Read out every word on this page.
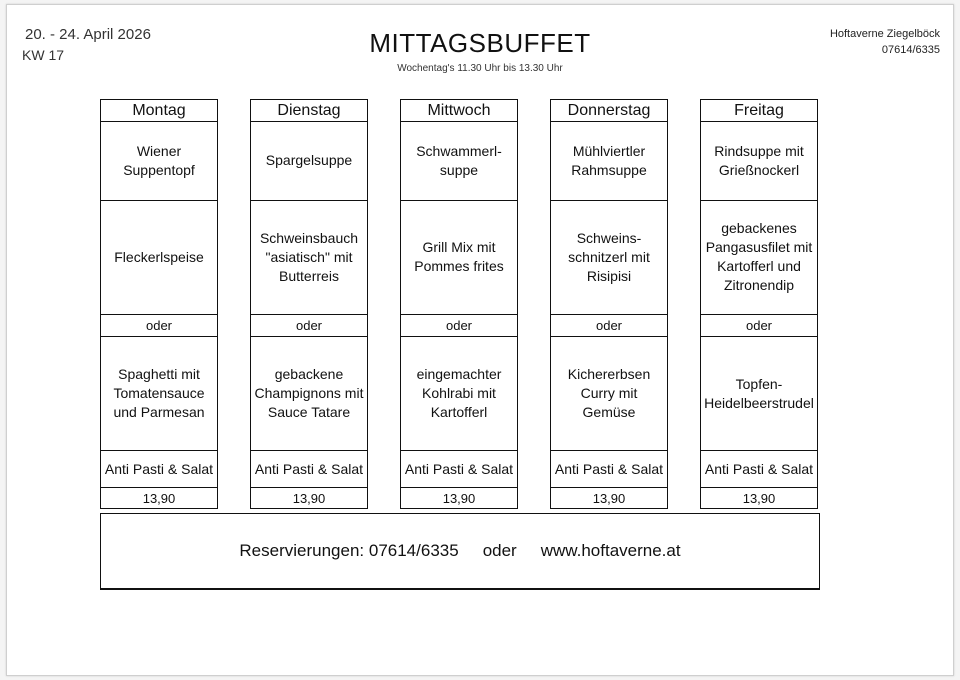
20. - 24. April 2026
KW 17	MITTAGSBUFFET
Wochentag's 11.30 Uhr bis 13.30 Uhr
Hoftaverne Ziegelböck
07614/6335
Montag
Wiener Suppentopf
Fleckerlspeise
oder
Spaghetti mit Tomatensauce und Parmesan
Anti Pasti & Salat
13,90
Dienstag
Spargelsuppe
Schweinsbauch "asiatisch" mit Butterreis
oder
gebackene Champignons mit Sauce Tatare
Anti Pasti & Salat
13,90
Mittwoch
Schwammerl-suppe
Grill Mix mit Pommes frites
oder
eingemachter Kohlrabi mit Kartofferl
Anti Pasti & Salat
13,90
Donnerstag
Mühlviertler Rahmsuppe
Schweins-schnitzerl mit Risipisi
oder
Kichererbsen Curry mit Gemüse
Anti Pasti & Salat
13,90
Freitag
Rindsuppe mit Grießnockerl
gebackenes Pangasusfilet mit Kartofferl und Zitronendip
oder
Topfen-Heidelbeerstrudel
Anti Pasti & Salat
13,90
Reservierungen: 07614/6335 oder www.hoftaverne.at
